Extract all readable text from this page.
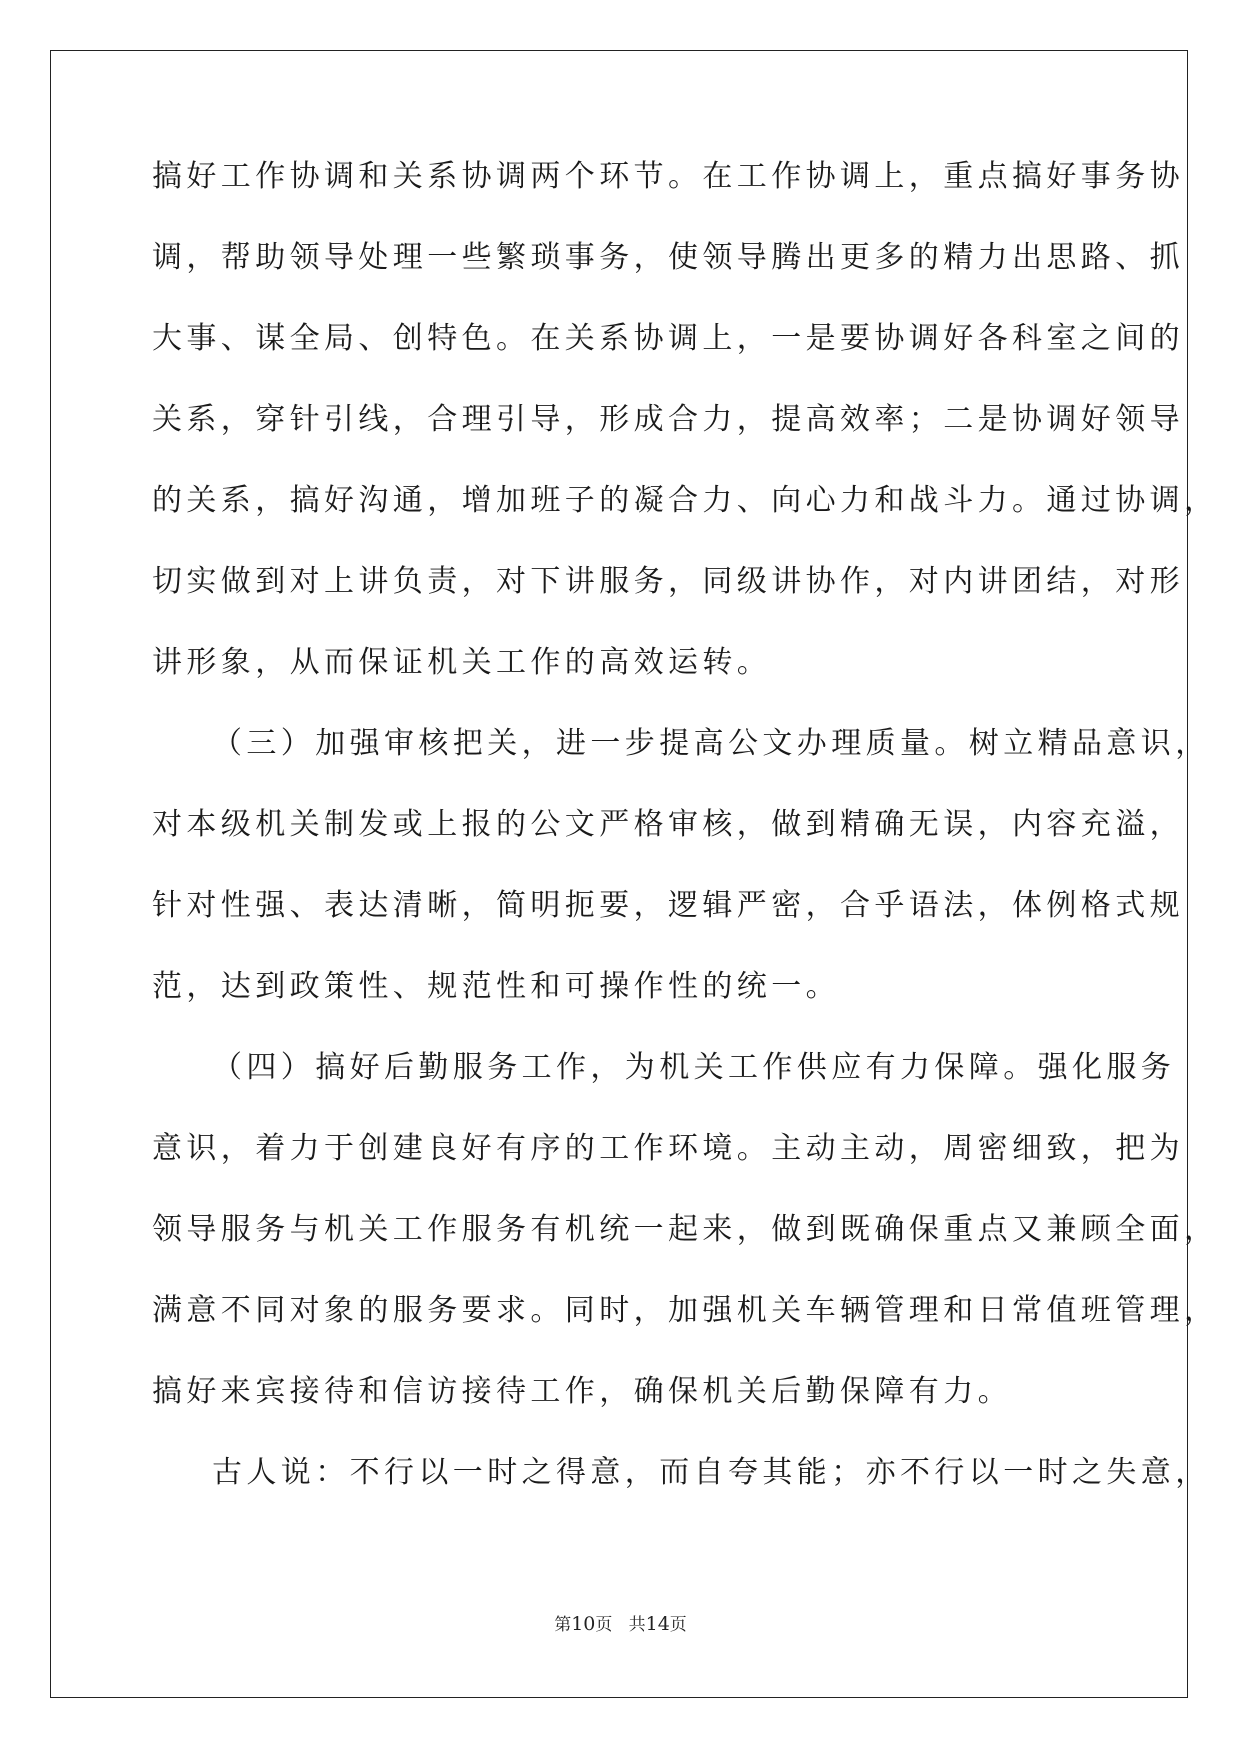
搞好工作协调和关系协调两个环节。在工作协调上，重点搞好事务协
调，帮助领导处理一些繁琐事务，使领导腾出更多的精力出思路、抓
大事、谋全局、创特色。在关系协调上，一是要协调好各科室之间的
关系，穿针引线，合理引导，形成合力，提高效率；二是协调好领导
的关系，搞好沟通，增加班子的凝合力、向心力和战斗力。通过协调，
切实做到对上讲负责，对下讲服务，同级讲协作，对内讲团结，对形
讲形象，从而保证机关工作的高效运转。
（三）加强审核把关，进一步提高公文办理质量。树立精品意识，
对本级机关制发或上报的公文严格审核，做到精确无误，内容充溢，
针对性强、表达清晰，简明扼要，逻辑严密，合乎语法，体例格式规
范，达到政策性、规范性和可操作性的统一。
（四）搞好后勤服务工作，为机关工作供应有力保障。强化服务
意识，着力于创建良好有序的工作环境。主动主动，周密细致，把为
领导服务与机关工作服务有机统一起来，做到既确保重点又兼顾全面，
满意不同对象的服务要求。同时，加强机关车辆管理和日常值班管理，
搞好来宾接待和信访接待工作，确保机关后勤保障有力。
古人说：不行以一时之得意，而自夸其能；亦不行以一时之失意，
第10页 共14页
